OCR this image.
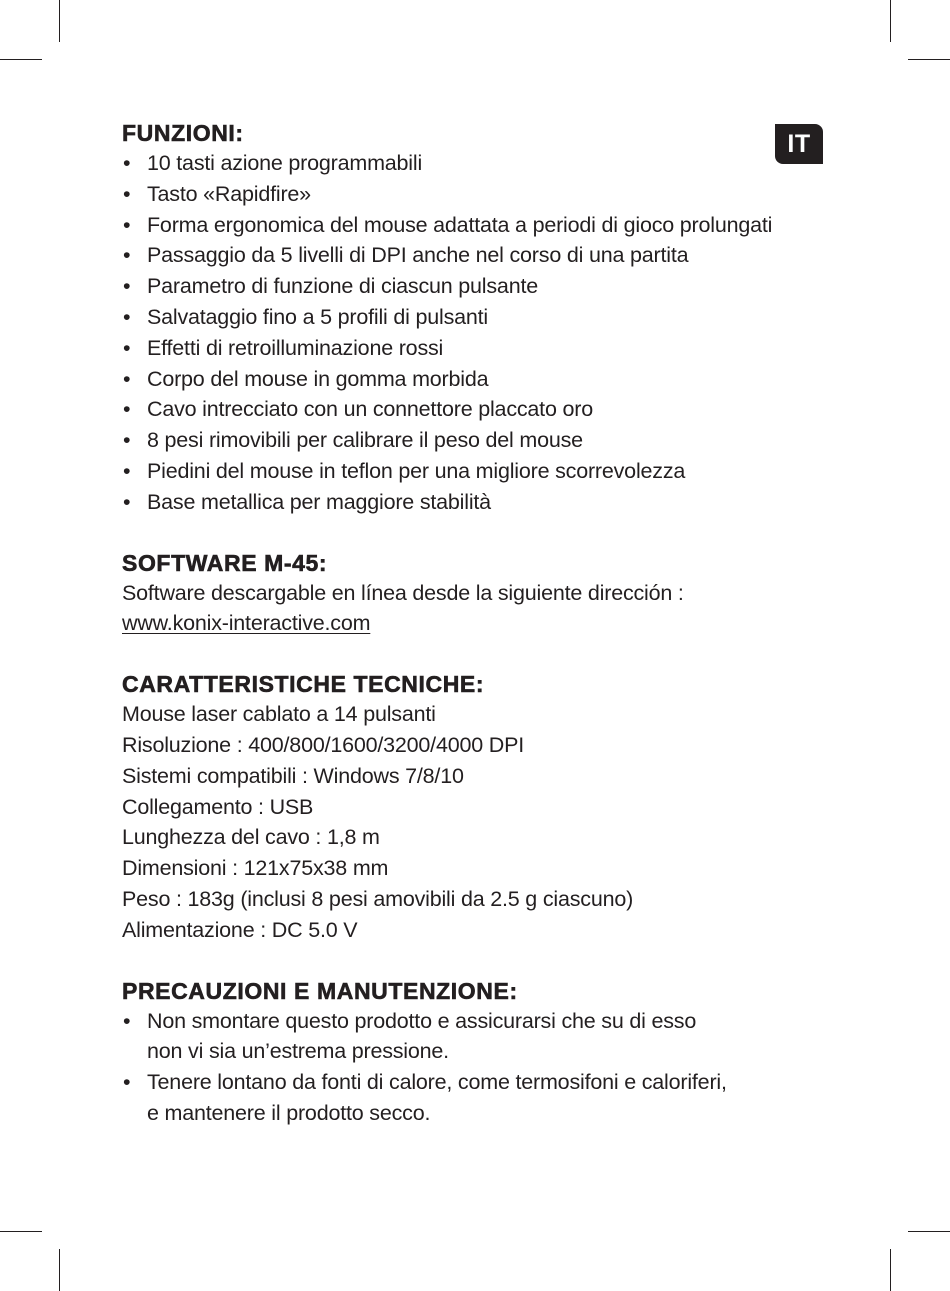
IT
FUNZIONI:
• 10 tasti azione programmabili
• Tasto «Rapidfire»
• Forma ergonomica del mouse adattata a periodi di gioco prolungati
• Passaggio da 5 livelli di DPI anche nel corso di una partita
• Parametro di funzione di ciascun pulsante
• Salvataggio fino a 5 profili di pulsanti
• Effetti di retroilluminazione rossi
• Corpo del mouse in gomma morbida
• Cavo intrecciato con un connettore placcato oro
• 8 pesi rimovibili per calibrare il peso del mouse
• Piedini del mouse in teflon per una migliore scorrevolezza
• Base metallica per maggiore stabilità
SOFTWARE M-45:

Software descargable en línea desde la siguiente dirección :

www.konix-interactive.com

CARATTERISTICHE TECNICHE:

Mouse laser cablato a 14 pulsanti

Risoluzione : 400/800/1600/3200/4000 DPI

Sistemi compatibili : Windows 7/8/10

Collegamento : USB

Lunghezza del cavo : 1,8 m

Dimensioni : 121x75x38 mm

Peso : 183g (inclusi 8 pesi amovibili da 2.5 g ciascuno)

Alimentazione : DC 5.0 V

PRECAUZIONI E MANUTENZIONE:
• Non smontare questo prodotto e assicurarsi che su di esso
non vi sia un’estrema pressione.
• Tenere lontano da fonti di calore, come termosifoni e caloriferi,
e mantenere il prodotto secco.
